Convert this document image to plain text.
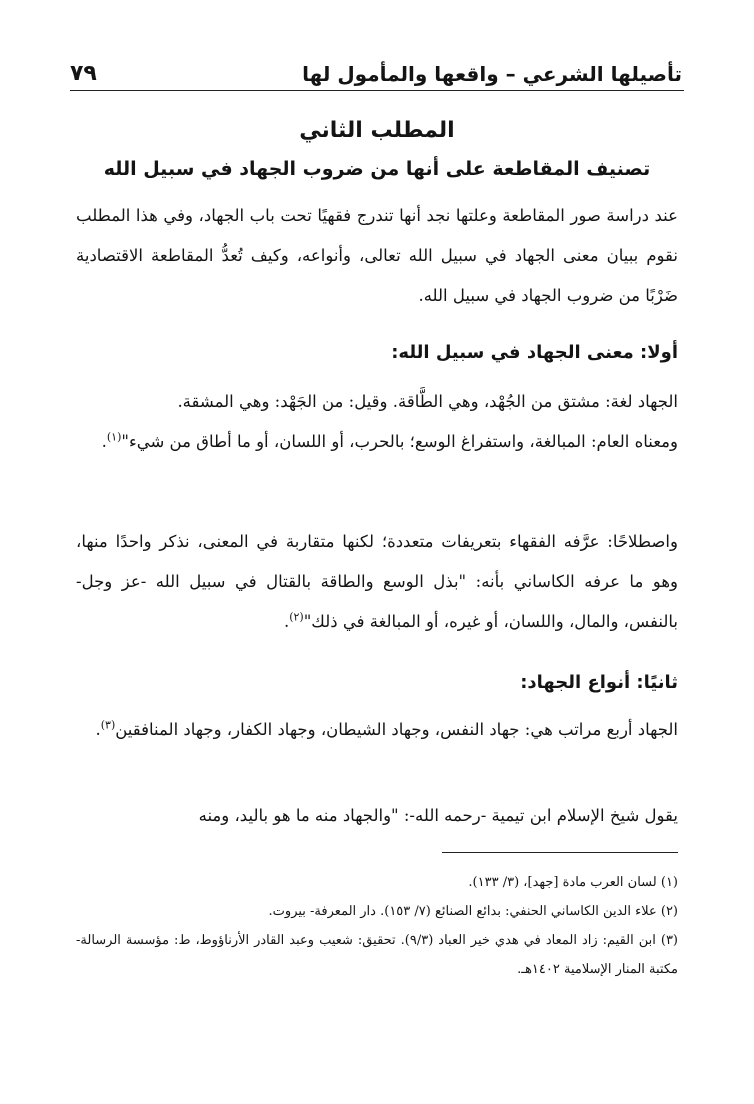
تأصيلها الشرعي – واقعها والمأمول لها
٧٩
المطلب الثاني
تصنيف المقاطعة على أنها من ضروب الجهاد في سبيل الله

عند دراسة صور المقاطعة وعلتها نجد أنها تندرج فقهيًا تحت باب الجهاد، وفي هذا المطلب نقوم ببيان معنى الجهاد في سبيل الله تعالى، وأنواعه، وكيف تُعدُّ المقاطعة الاقتصادية ضَرْبًا من ضروب الجهاد في سبيل الله.

أولا: معنى الجهاد في سبيل الله:

الجهاد لغة: مشتق من الجُهْد، وهي الطَّاقة. وقيل: من الجَهْد: وهي المشقة.

ومعناه العام: المبالغة، واستفراغ الوسع؛ بالحرب، أو اللسان، أو ما أطاق من شيء"$^{(١)}$.

واصطلاحًا: عرَّفه الفقهاء بتعريفات متعددة؛ لكنها متقاربة في المعنى، نذكر واحدًا منها، وهو ما عرفه الكاساني بأنه: "بذل الوسع والطاقة بالقتال في سبيل الله -عز وجل- بالنفس، والمال، واللسان، أو غيره، أو المبالغة في ذلك"$^{(٢)}$.

ثانيًا: أنواع الجهاد:

الجهاد أربع مراتب هي: جهاد النفس، وجهاد الشيطان، وجهاد الكفار، وجهاد المنافقين$^{(٣)}$.

يقول شيخ الإسلام ابن تيمية -رحمه الله-: "والجهاد منه ما هو باليد، ومنه

(١) لسان العرب مادة [جهد]، (٣/ ١٣٣).

(٢) علاء الدين الكاساني الحنفي: بدائع الصنائع (٧/ ١٥٣). دار المعرفة- بيروت.

(٣) ابن القيم: زاد المعاد في هدي خير العباد (٩/٣). تحقيق: شعيب وعبد القادر الأرناؤوط، ط: مؤسسة الرسالة- مكتبة المنار الإسلامية ١٤٠٢هـ.
